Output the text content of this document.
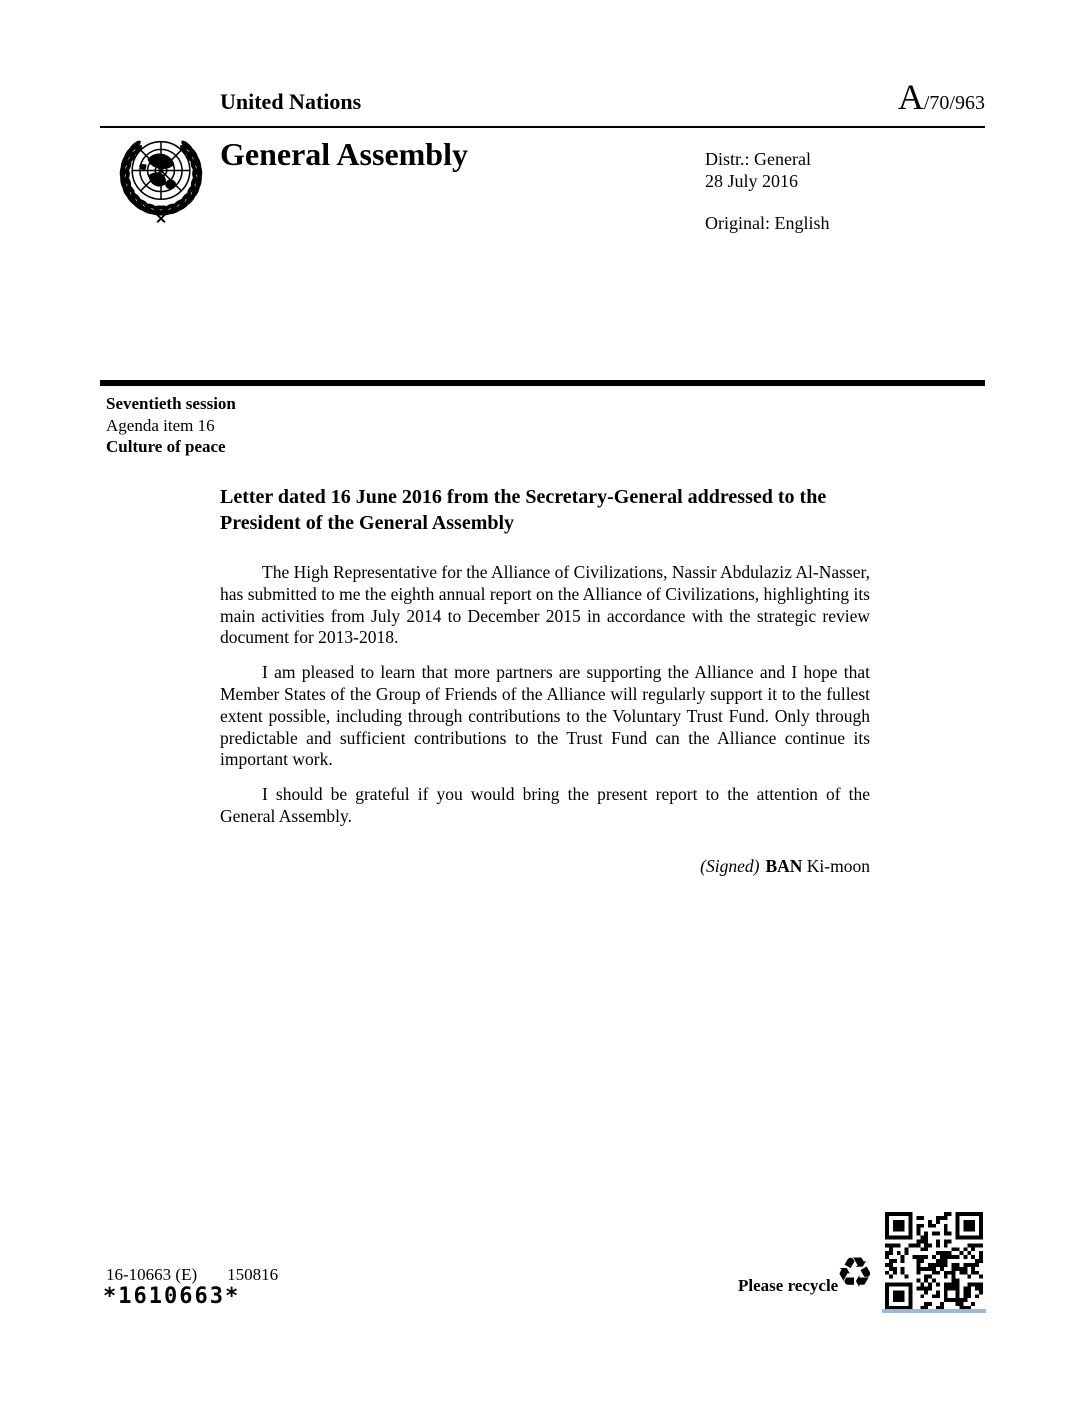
United Nations	A/70/963
General Assembly	Distr.: General
28 July 2016
Original: English
Seventieth session
Agenda item 16
Culture of peace
Letter dated 16 June 2016 from the Secretary-General addressed to the President of the General Assembly

The High Representative for the Alliance of Civilizations, Nassir Abdulaziz Al-Nasser, has submitted to me the eighth annual report on the Alliance of Civilizations, highlighting its main activities from July 2014 to December 2015 in accordance with the strategic review document for 2013-2018.

I am pleased to learn that more partners are supporting the Alliance and I hope that Member States of the Group of Friends of the Alliance will regularly support it to the fullest extent possible, including through contributions to the Voluntary Trust Fund. Only through predictable and sufficient contributions to the Trust Fund can the Alliance continue its important work.

I should be grateful if you would bring the present report to the attention of the General Assembly.

(Signed) BAN Ki-moon
16-10663 (E) 150816
*1610663*	Please recycle
♻
